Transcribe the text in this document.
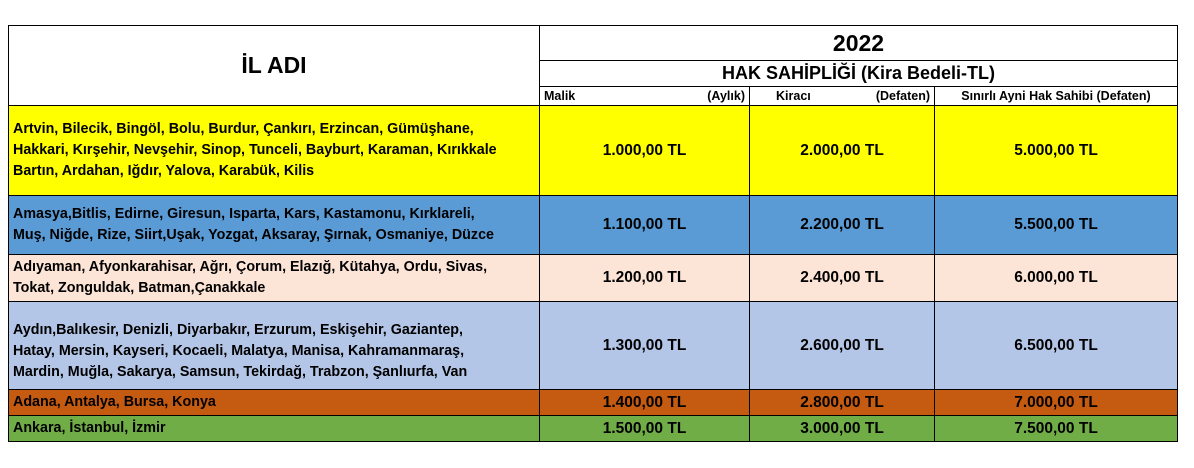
İL ADI	2022		
	HAK SAHİPLİĞİ (Kira Bedeli-TL)		

	Malik (Aylık)	Kiracı (Defaten)	Sınırlı Ayni Hak Sahibi (Defaten)

Artvin, Bilecik, Bingöl, Bolu, Burdur, Çankırı, Erzincan, Gümüşhane,
Hakkari, Kırşehir, Nevşehir, Sinop, Tunceli, Bayburt, Karaman, Kırıkkale
Bartın, Ardahan, Iğdır, Yalova, Karabük, Kilis	1.000,00 TL	2.000,00 TL	5.000,00 TL

Amasya,Bitlis, Edirne, Giresun, Isparta, Kars, Kastamonu, Kırklareli,
Muş, Niğde, Rize, Siirt,Uşak, Yozgat, Aksaray, Şırnak, Osmaniye, Düzce	1.100,00 TL	2.200,00 TL	5.500,00 TL

Adıyaman, Afyonkarahisar, Ağrı, Çorum, Elazığ, Kütahya, Ordu, Sivas,
Tokat, Zonguldak, Batman,Çanakkale	1.200,00 TL	2.400,00 TL	6.000,00 TL

Aydın,Balıkesir, Denizli, Diyarbakır, Erzurum, Eskişehir, Gaziantep,
Hatay, Mersin, Kayseri, Kocaeli, Malatya, Manisa, Kahramanmaraş,
Mardin, Muğla, Sakarya, Samsun, Tekirdağ, Trabzon, Şanlıurfa, Van	1.300,00 TL	2.600,00 TL	6.500,00 TL

Adana, Antalya, Bursa, Konya	1.400,00 TL	2.800,00 TL	7.000,00 TL

Ankara, İstanbul, İzmir	1.500,00 TL	3.000,00 TL	7.500,00 TL
